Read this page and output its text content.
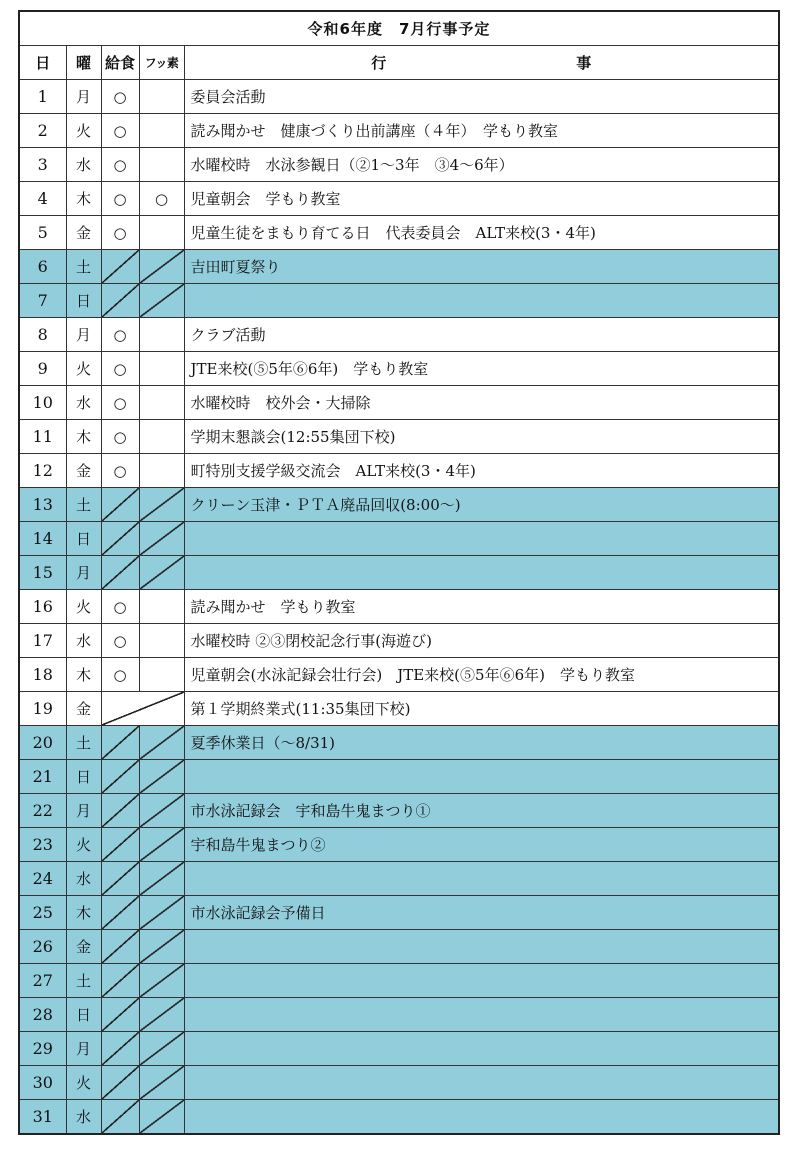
令和6年度　7月行事予定				
日	曜	給食	フッ素	行 事
1	月	○		委員会活動
2	火	○		読み聞かせ　健康づくり出前講座（４年）　学もり教室
3	水	○		水曜校時　水泳参観日（②1～3年　③4～6年）
4	木	○	○	児童朝会　学もり教室
5	金	○		児童生徒をまもり育てる日　代表委員会　ALT来校(3・4年)
6	土			吉田町夏祭り
7	日			
8	月	○		クラブ活動
9	火	○		JTE来校(⑤5年⑥6年)　学もり教室
10	水	○		水曜校時　校外会・大掃除
11	木	○		学期末懇談会(12:55集団下校)
12	金	○		町特別支援学級交流会　ALT来校(3・4年)
13	土			クリーン玉津・ＰＴＡ廃品回収(8:00～)
14	日			
15	月			
16	火	○		読み聞かせ　学もり教室
17	水	○		水曜校時 ②③閉校記念行事(海遊び)
18	木	○		児童朝会(水泳記録会壮行会)　JTE来校(⑤5年⑥6年)　学もり教室
19	金			第１学期終業式(11:35集団下校)
20	土			夏季休業日（～8/31)
21	日			
22	月			市水泳記録会　宇和島牛鬼まつり①
23	火			宇和島牛鬼まつり②
24	水			
25	木			市水泳記録会予備日
26	金			
27	土			
28	日			
29	月			
30	火			
31	水			
